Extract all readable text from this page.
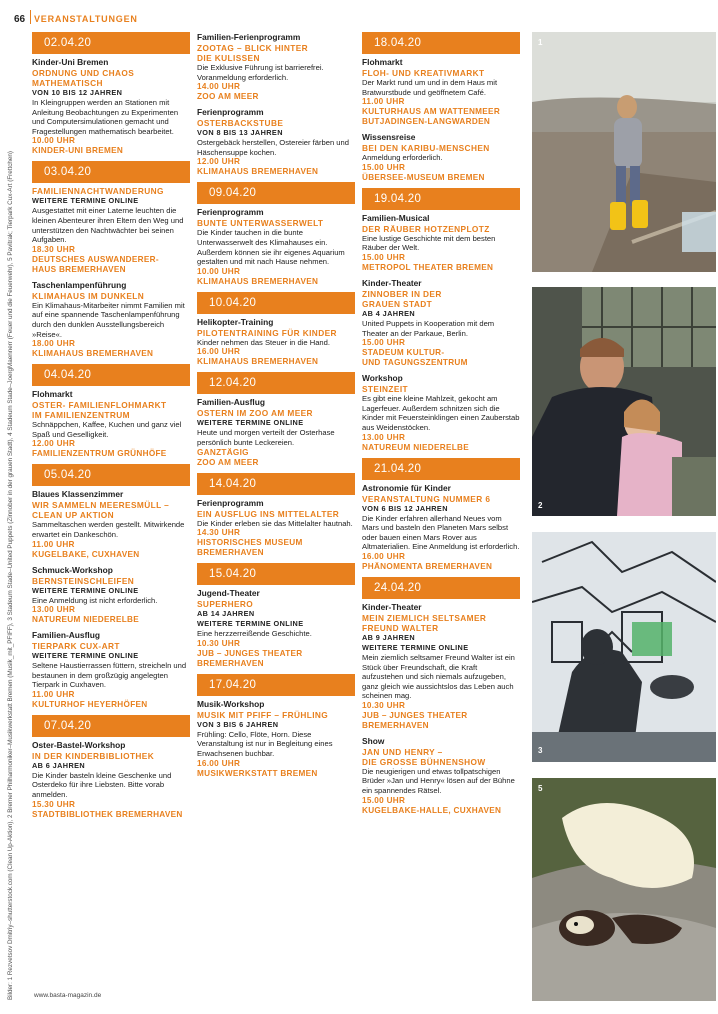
66 VERANSTALTUNGEN
Bilder: 1 Rezvetsov Dmitriy–shutterstock.com (Clean Up-Aktion), 2 Bremer Philharmoniker–Musikwerkstatt Bremen (Musik_mit_PFIFF), 3 Stadeum Stade–United Puppets (Zinnober in der grauen Stadt), 4 Stadeum Stade–JoergMaennerr (Feuer und die Feuerwehr), 5 Pavitrak; Tierpark Cux-Art (Frettchen)
02.04.20
Kinder-Uni Bremen
ORDNUNG UND CHAOS
MATHEMATISCH
VON 10 BIS 12 JAHREN
In Kleingruppen werden an Stationen mit Anleitung Beobachtungen zu Experimenten und Computersimulationen gemacht und Fragestellungen mathematisch bearbeitet.
10.00 UHR
KINDER-UNI BREMEN
03.04.20
FAMILIENNACHTWANDERUNG
WEITERE TERMINE ONLINE
Ausgestattet mit einer Laterne leuchten die kleinen Abenteurer ihren Eltern den Weg und unterstützen den Nachtwächter bei seinen Aufgaben.
18.30 UHR
DEUTSCHES AUSWANDERER-
HAUS BREMERHAVEN
Taschenlampenführung
KLIMAHAUS IM DUNKELN
Ein Klimahaus-Mitarbeiter nimmt Familien mit auf eine spannende Taschenlampenführung durch den dunklen Ausstellungsbereich »Reise«.
18.00 UHR
KLIMAHAUS BREMERHAVEN
04.04.20
Flohmarkt
OSTER- FAMILIENFLOHMARKT
IM FAMILIENZENTRUM
Schnäppchen, Kaffee, Kuchen und ganz viel Spaß und Geselligkeit.
12.00 UHR
FAMILIENZENTRUM GRÜNHÖFE
05.04.20
Blaues Klassenzimmer
WIR SAMMELN MEERESMÜLL –
CLEAN UP AKTION
Sammeltaschen werden gestellt. Mitwirkende erwartet ein Dankeschön.
11.00 UHR
KUGELBAKE, CUXHAVEN
Schmuck-Workshop
BERNSTEINSCHLEIFEN
WEITERE TERMINE ONLINE
Eine Anmeldung ist nicht erforderlich.
13.00 UHR
NATUREUM NIEDERELBE
Familien-Ausflug
TIERPARK CUX-ART
WEITERE TERMINE ONLINE
Seltene Haustierrassen füttern, streicheln und bestaunen in dem großzügig angelegten Tierpark in Cuxhaven.
11.00 UHR
KULTURHOF HEYERHÖFEN
07.04.20
Oster-Bastel-Workshop
IN DER KINDERBIBLIOTHEK
AB 6 JAHREN
Die Kinder basteln kleine Geschenke und Osterdeko für ihre Liebsten. Bitte vorab anmelden.
15.30 UHR
STADTBIBLIOTHEK BREMERHAVEN
Familien-Ferienprogramm
ZOOTAG – BLICK HINTER
DIE KULISSEN
Die Exklusive Führung ist barrierefrei. Voranmeldung erforderlich.
14.00 UHR
ZOO AM MEER
Ferienprogramm
OSTERBACKSTUBE
VON 8 BIS 13 JAHREN
Ostergebäck herstellen, Ostereier färben und Häschensuppe kochen.
12.00 UHR
KLIMAHAUS BREMERHAVEN
09.04.20
Ferienprogramm
BUNTE UNTERWASSERWELT
Die Kinder tauchen in die bunte Unterwasserwelt des Klimahauses ein. Außerdem können sie ihr eigenes Aquarium gestalten und mit nach Hause nehmen.
10.00 UHR
KLIMAHAUS BREMERHAVEN
10.04.20
Helikopter-Training
PILOTENTRAINING FÜR KINDER
Kinder nehmen das Steuer in die Hand.
16.00 UHR
KLIMAHAUS BREMERHAVEN
12.04.20
Familien-Ausflug
OSTERN IM ZOO AM MEER
WEITERE TERMINE ONLINE
Heute und morgen verteilt der Osterhase persönlich bunte Leckereien.
GANZTÄGIG
ZOO AM MEER
14.04.20
Ferienprogramm
EIN AUSFLUG INS MITTELALTER
Die Kinder erleben sie das Mittelalter hautnah.
14.30 UHR
HISTORISCHES MUSEUM
BREMERHAVEN
15.04.20
Jugend-Theater
SUPERHERO
AB 14 JAHREN
WEITERE TERMINE ONLINE
Eine herzzerreißende Geschichte.
10.30 UHR
JUB – JUNGES THEATER
BREMERHAVEN
17.04.20
Musik-Workshop
MUSIK MIT PFIFF – FRÜHLING
VON 3 BIS 6 JAHREN
Frühling: Cello, Flöte, Horn. Diese Veranstaltung ist nur in Begleitung eines Erwachsenen buchbar.
16.00 UHR
MUSIKWERKSTATT BREMEN
18.04.20
Flohmarkt
FLOH- UND KREATIVMARKT
Der Markt rund um und in dem Haus mit Bratwurstbude und geöffnetem Café.
11.00 UHR
KULTURHAUS AM WATTENMEER
BUTJADINGEN-LANGWARDEN
Wissensreise
BEI DEN KARIBU-MENSCHEN
Anmeldung erforderlich.
15.00 UHR
ÜBERSEE-MUSEUM BREMEN
19.04.20
Familien-Musical
DER RÄUBER HOTZENPLOTZ
Eine lustige Geschichte mit dem besten Räuber der Welt.
15.00 UHR
METROPOL THEATER BREMEN
Kinder-Theater
ZINNOBER IN DER
GRAUEN STADT
AB 4 JAHREN
United Puppets in Kooperation mit dem Theater an der Parkaue, Berlin.
15.00 UHR
STADEUM KULTUR-
UND TAGUNGSZENTRUM
Workshop
STEINZEIT
Es gibt eine kleine Mahlzeit, gekocht am Lagerfeuer. Außerdem schnitzen sich die Kinder mit Feuersteinklingen einen Zauberstab aus Weidenstöcken.
13.00 UHR
NATUREUM NIEDERELBE
21.04.20
Astronomie für Kinder
VERANSTALTUNG NUMMER 6
VON 6 BIS 12 JAHREN
Die Kinder erfahren allerhand Neues vom Mars und basteln den Planeten Mars selbst oder bauen einen Mars Rover aus Altmaterialien. Eine Anmeldung ist erforderlich.
16.00 UHR
PHÄNOMENTA BREMERHAVEN
24.04.20
Kinder-Theater
MEIN ZIEMLICH SELTSAMER
FREUND WALTER
AB 9 JAHREN
WEITERE TERMINE ONLINE
Mein ziemlich seltsamer Freund Walter ist ein Stück über Freundschaft, die Kraft aufzustehen und sich niemals aufzugeben, ganz gleich wie aussichtslos das Leben auch scheinen mag.
10.30 UHR
JUB – JUNGES THEATER
BREMERHAVEN
Show
JAN UND HENRY –
DIE GROSSE BÜHNENSHOW
Die neugierigen und etwas tollpatschigen Brüder »Jan und Henry« lösen auf der Bühne ein spannendes Rätsel.
15.00 UHR
KUGELBAKE-HALLE, CUXHAVEN
1
2
3
5
www.basta-magazin.de
